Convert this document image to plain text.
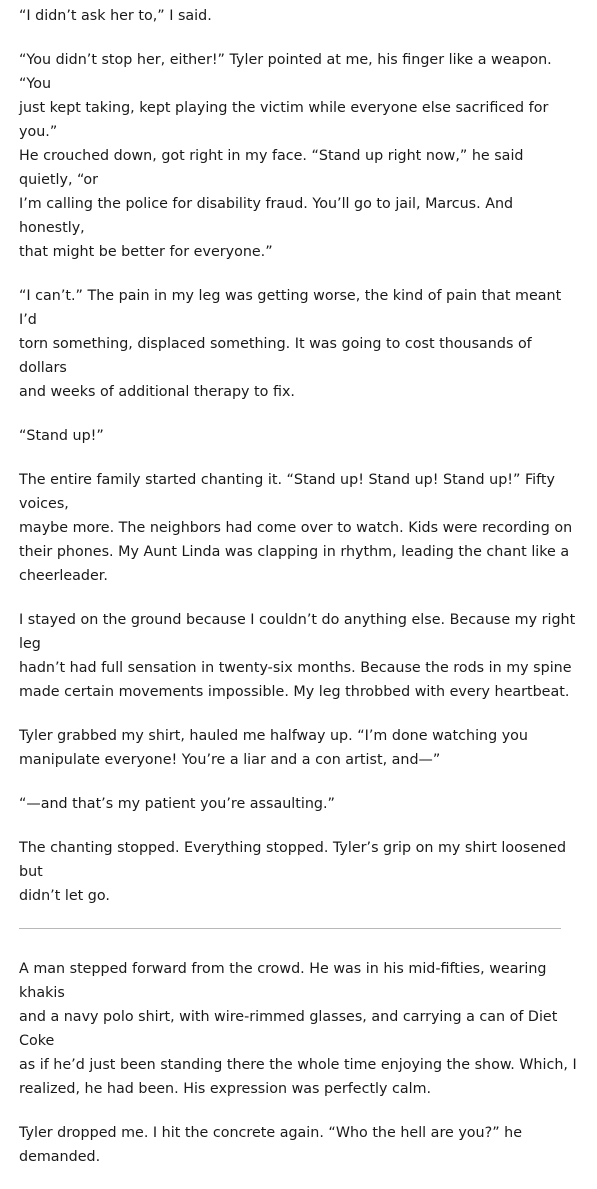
“I didn’t ask her to,” I said.

“You didn’t stop her, either!” Tyler pointed at me, his finger like a weapon. “You
just kept taking, kept playing the victim while everyone else sacrificed for you.”
He crouched down, got right in my face. “Stand up right now,” he said quietly, “or
I’m calling the police for disability fraud. You’ll go to jail, Marcus. And honestly,
that might be better for everyone.”

“I can’t.” The pain in my leg was getting worse, the kind of pain that meant I’d
torn something, displaced something. It was going to cost thousands of dollars
and weeks of additional therapy to fix.

“Stand up!”

The entire family started chanting it. “Stand up! Stand up! Stand up!” Fifty voices,
maybe more. The neighbors had come over to watch. Kids were recording on
their phones. My Aunt Linda was clapping in rhythm, leading the chant like a
cheerleader.

I stayed on the ground because I couldn’t do anything else. Because my right leg
hadn’t had full sensation in twenty-six months. Because the rods in my spine
made certain movements impossible. My leg throbbed with every heartbeat.

Tyler grabbed my shirt, hauled me halfway up. “I’m done watching you
manipulate everyone! You’re a liar and a con artist, and—”

“—and that’s my patient you’re assaulting.”

The chanting stopped. Everything stopped. Tyler’s grip on my shirt loosened but
didn’t let go.

A man stepped forward from the crowd. He was in his mid-fifties, wearing khakis
and a navy polo shirt, with wire-rimmed glasses, and carrying a can of Diet Coke
as if he’d just been standing there the whole time enjoying the show. Which, I
realized, he had been. His expression was perfectly calm.

Tyler dropped me. I hit the concrete again. “Who the hell are you?” he demanded.
